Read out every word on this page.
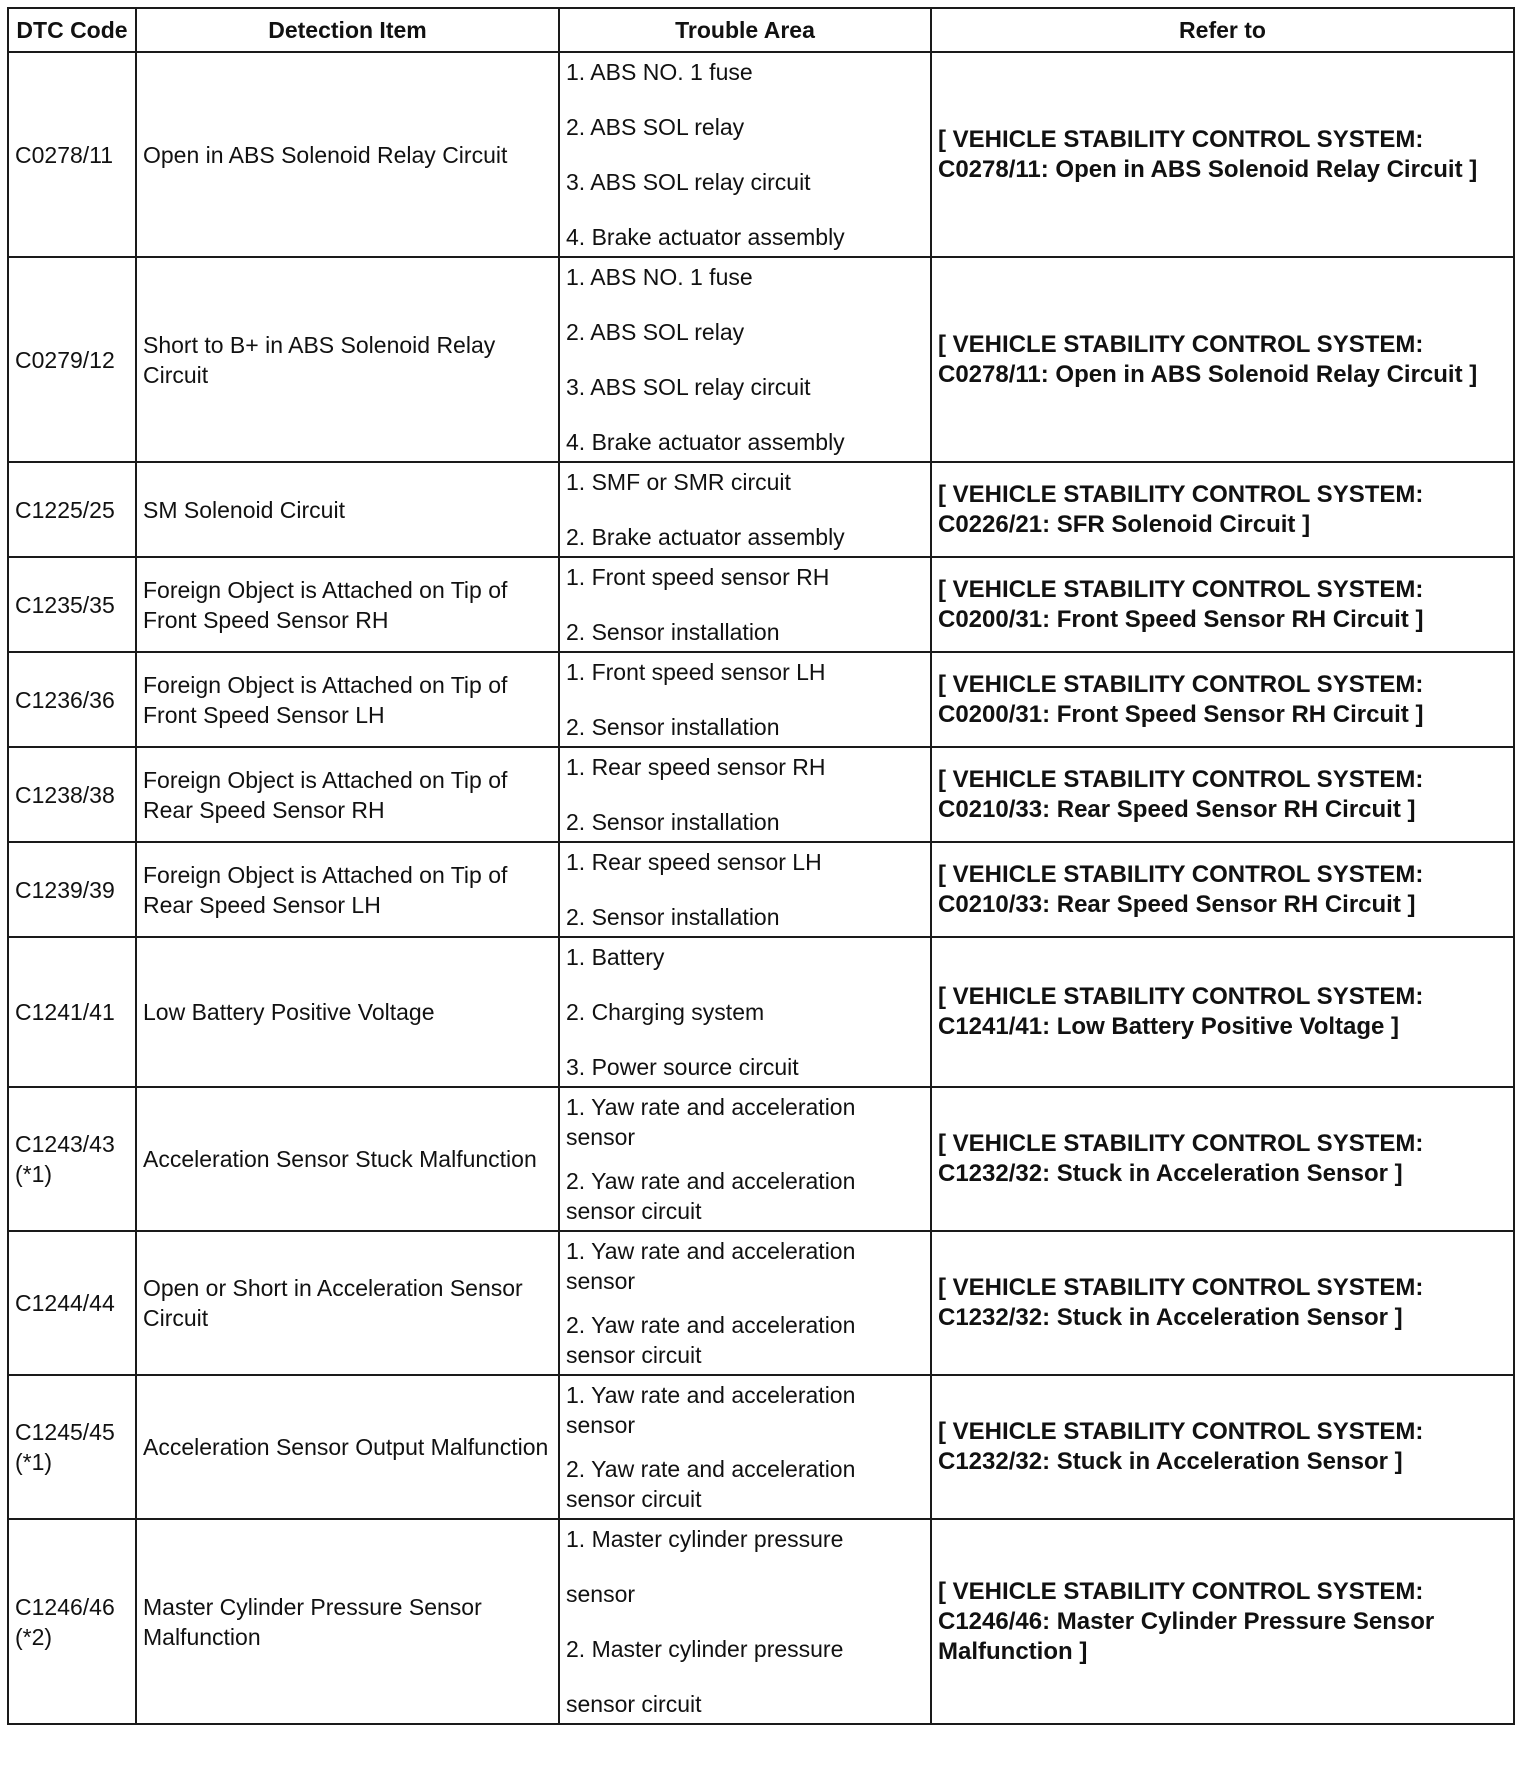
DTC Code	Detection Item	Trouble Area	Refer to
C0278/11	Open in ABS Solenoid Relay Circuit	1. ABS NO. 1 fuse
2. ABS SOL relay
3. ABS SOL relay circuit
4. Brake actuator assembly	[ VEHICLE STABILITY CONTROL SYSTEM: C0278/11: Open in ABS Solenoid Relay Circuit ]
C0279/12	Short to B+ in ABS Solenoid Relay Circuit	1. ABS NO. 1 fuse
2. ABS SOL relay
3. ABS SOL relay circuit
4. Brake actuator assembly	[ VEHICLE STABILITY CONTROL SYSTEM: C0278/11: Open in ABS Solenoid Relay Circuit ]
C1225/25	SM Solenoid Circuit	1. SMF or SMR circuit
2. Brake actuator assembly	[ VEHICLE STABILITY CONTROL SYSTEM: C0226/21: SFR Solenoid Circuit ]
C1235/35	Foreign Object is Attached on Tip of Front Speed Sensor RH	1. Front speed sensor RH
2. Sensor installation	[ VEHICLE STABILITY CONTROL SYSTEM: C0200/31: Front Speed Sensor RH Circuit ]
C1236/36	Foreign Object is Attached on Tip of Front Speed Sensor LH	1. Front speed sensor LH
2. Sensor installation	[ VEHICLE STABILITY CONTROL SYSTEM: C0200/31: Front Speed Sensor RH Circuit ]
C1238/38	Foreign Object is Attached on Tip of Rear Speed Sensor RH	1. Rear speed sensor RH
2. Sensor installation	[ VEHICLE STABILITY CONTROL SYSTEM: C0210/33: Rear Speed Sensor RH Circuit ]
C1239/39	Foreign Object is Attached on Tip of Rear Speed Sensor LH	1. Rear speed sensor LH
2. Sensor installation	[ VEHICLE STABILITY CONTROL SYSTEM: C0210/33: Rear Speed Sensor RH Circuit ]
C1241/41	Low Battery Positive Voltage	1. Battery
2. Charging system
3. Power source circuit	[ VEHICLE STABILITY CONTROL SYSTEM: C1241/41: Low Battery Positive Voltage ]
C1243/43 (*1)	Acceleration Sensor Stuck Malfunction	1. Yaw rate and acceleration sensor
2. Yaw rate and acceleration sensor circuit	[ VEHICLE STABILITY CONTROL SYSTEM: C1232/32: Stuck in Acceleration Sensor ]
C1244/44	Open or Short in Acceleration Sensor Circuit	1. Yaw rate and acceleration sensor
2. Yaw rate and acceleration sensor circuit	[ VEHICLE STABILITY CONTROL SYSTEM: C1232/32: Stuck in Acceleration Sensor ]
C1245/45 (*1)	Acceleration Sensor Output Malfunction	1. Yaw rate and acceleration sensor
2. Yaw rate and acceleration sensor circuit	[ VEHICLE STABILITY CONTROL SYSTEM: C1232/32: Stuck in Acceleration Sensor ]
C1246/46 (*2)	Master Cylinder Pressure Sensor Malfunction	1. Master cylinder pressure
sensor
2. Master cylinder pressure
sensor circuit	[ VEHICLE STABILITY CONTROL SYSTEM: C1246/46: Master Cylinder Pressure Sensor Malfunction ]
